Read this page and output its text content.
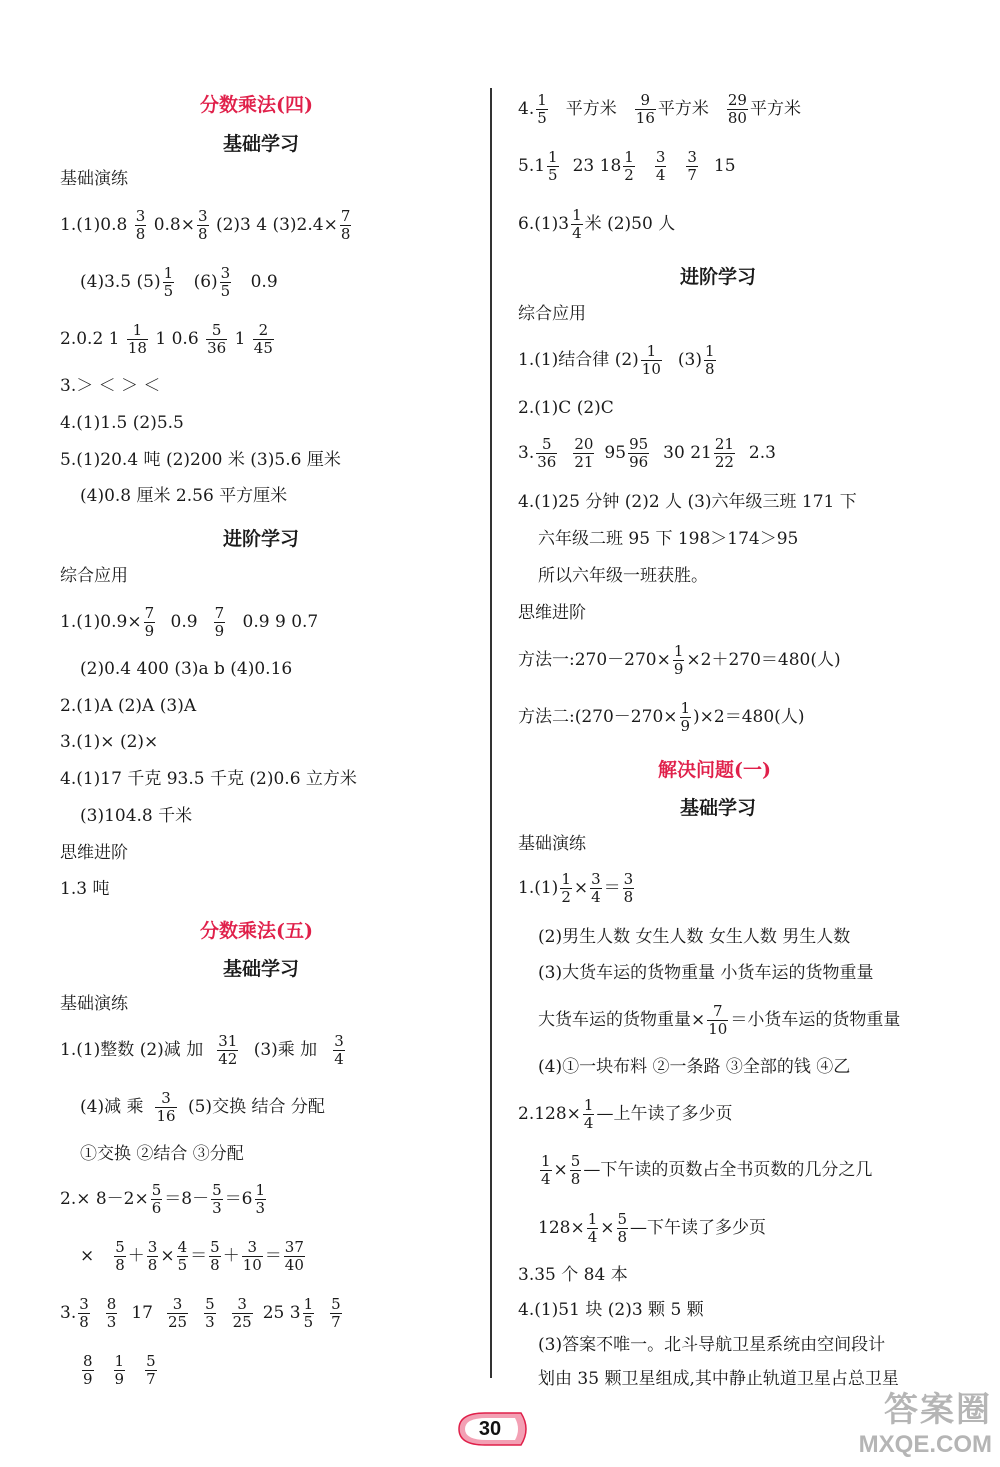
分数乘法(四)
基础学习
基础演练
$1.(1)0.8 \frac{3}{8} 0.8\times \frac{3}{8} (2)3$ 4 $(3)2.4\times \frac{7}{8}$
(4)3.5 $(5) \frac{1}{5} (6) \frac{3}{5} 0.9$
2.0.2 $1 \frac{1}{18} 1$ $0.6 \frac{5}{36} 1 \frac{2}{45}$
3.＞ ＜ ＞ ＜
4.(1)1.5 (2)5.5
5.(1)20.4 吨 (2)200 米 (3)5.6 厘米
(4)0.8 厘米 2.56 平方厘米
进阶学习
综合应用
$1.(1)0.9\times \frac{7}{9} 0.9 \frac{7}{9} 0.9$ 9 0.7
(2)0.4 400 (3)a b (4)0.16
2.(1)A (2)A (3)A
3.(1)× (2)×
4.(1)17 千克 93.5 千克 (2)0.6 立方米
(3)104.8 千米
思维进阶
1.3 吨
分数乘法(五)
基础学习
基础演练
1.(1)整数 (2)减 加 $\frac{31}{42} (3)$乘 加 $\frac{3}{4}$
(4)减 乘 $\frac{3}{16} (5)$交换 结合 分配
①交换 ②结合 ③分配
$2.\times 8-2\times \frac{5}{6} =8- \frac{5}{3} =6 \frac{1}{3}$
× $\frac{5}{8} + \frac{3}{8} \times \frac{4}{5} = \frac{5}{8} + \frac{3}{10} = \frac{37}{40}$
3. $\frac{3}{8} \frac{8}{3} 17 \frac{3}{25} \frac{5}{3} \frac{3}{25} 25$ $3 \frac{1}{5} \frac{5}{7}$
$\frac{8}{9} \frac{1}{9} \frac{5}{7}$
4. $\frac{1}{5}$ 平方米 $\frac{9}{16}$ 平方米 $\frac{29}{80}$ 平方米
$5.1 \frac{1}{5} 23$ $18 \frac{1}{2} \frac{3}{4} \frac{3}{7} 15$
$6.(1)3 \frac{1}{4}$ 米 (2)50 人
进阶学习
综合应用
1.(1)结合律 $(2) \frac{1}{10} (3) \frac{1}{8}$
2.(1)C (2)C
3. $\frac{5}{36} \frac{20}{21} 95 \frac{95}{96} 30$ $21 \frac{21}{22} 2.3$
4.(1)25 分钟 (2)2 人 (3)六年级三班 171 下
六年级二班 95 下 198＞174＞95
所以六年级一班获胜。
思维进阶
方法一:270－270× $\frac{1}{9} \times 2+270=480$(人)
方法二:(270－270× $\frac{1}{9} )\times 2=480$(人)
解决问题(一)
基础学习
基础演练
$1.(1) \frac{1}{2} \times \frac{3}{4} = \frac{3}{8}$
(2)男生人数 女生人数 女生人数 男生人数
(3)大货车运的货物重量 小货车运的货物重量
大货车运的货物重量× $\frac{7}{10}$ ＝小货车运的货物重量
(4)①一块布料 ②一条路 ③全部的钱 ④乙
$2.128\times \frac{1}{4}$ —上午读了多少页
$\frac{1}{4} \times \frac{5}{8}$ —下午读的页数占全书页数的几分之几
$128\times \frac{1}{4} \times \frac{5}{8}$ —下午读了多少页
3.35 个 84 本
4.(1)51 块 (2)3 颗 5 颗
(3)答案不唯一。北斗导航卫星系统由空间段计
划由 35 颗卫星组成,其中静止轨道卫星占总卫星
30	答案圈
MXQE.COM
